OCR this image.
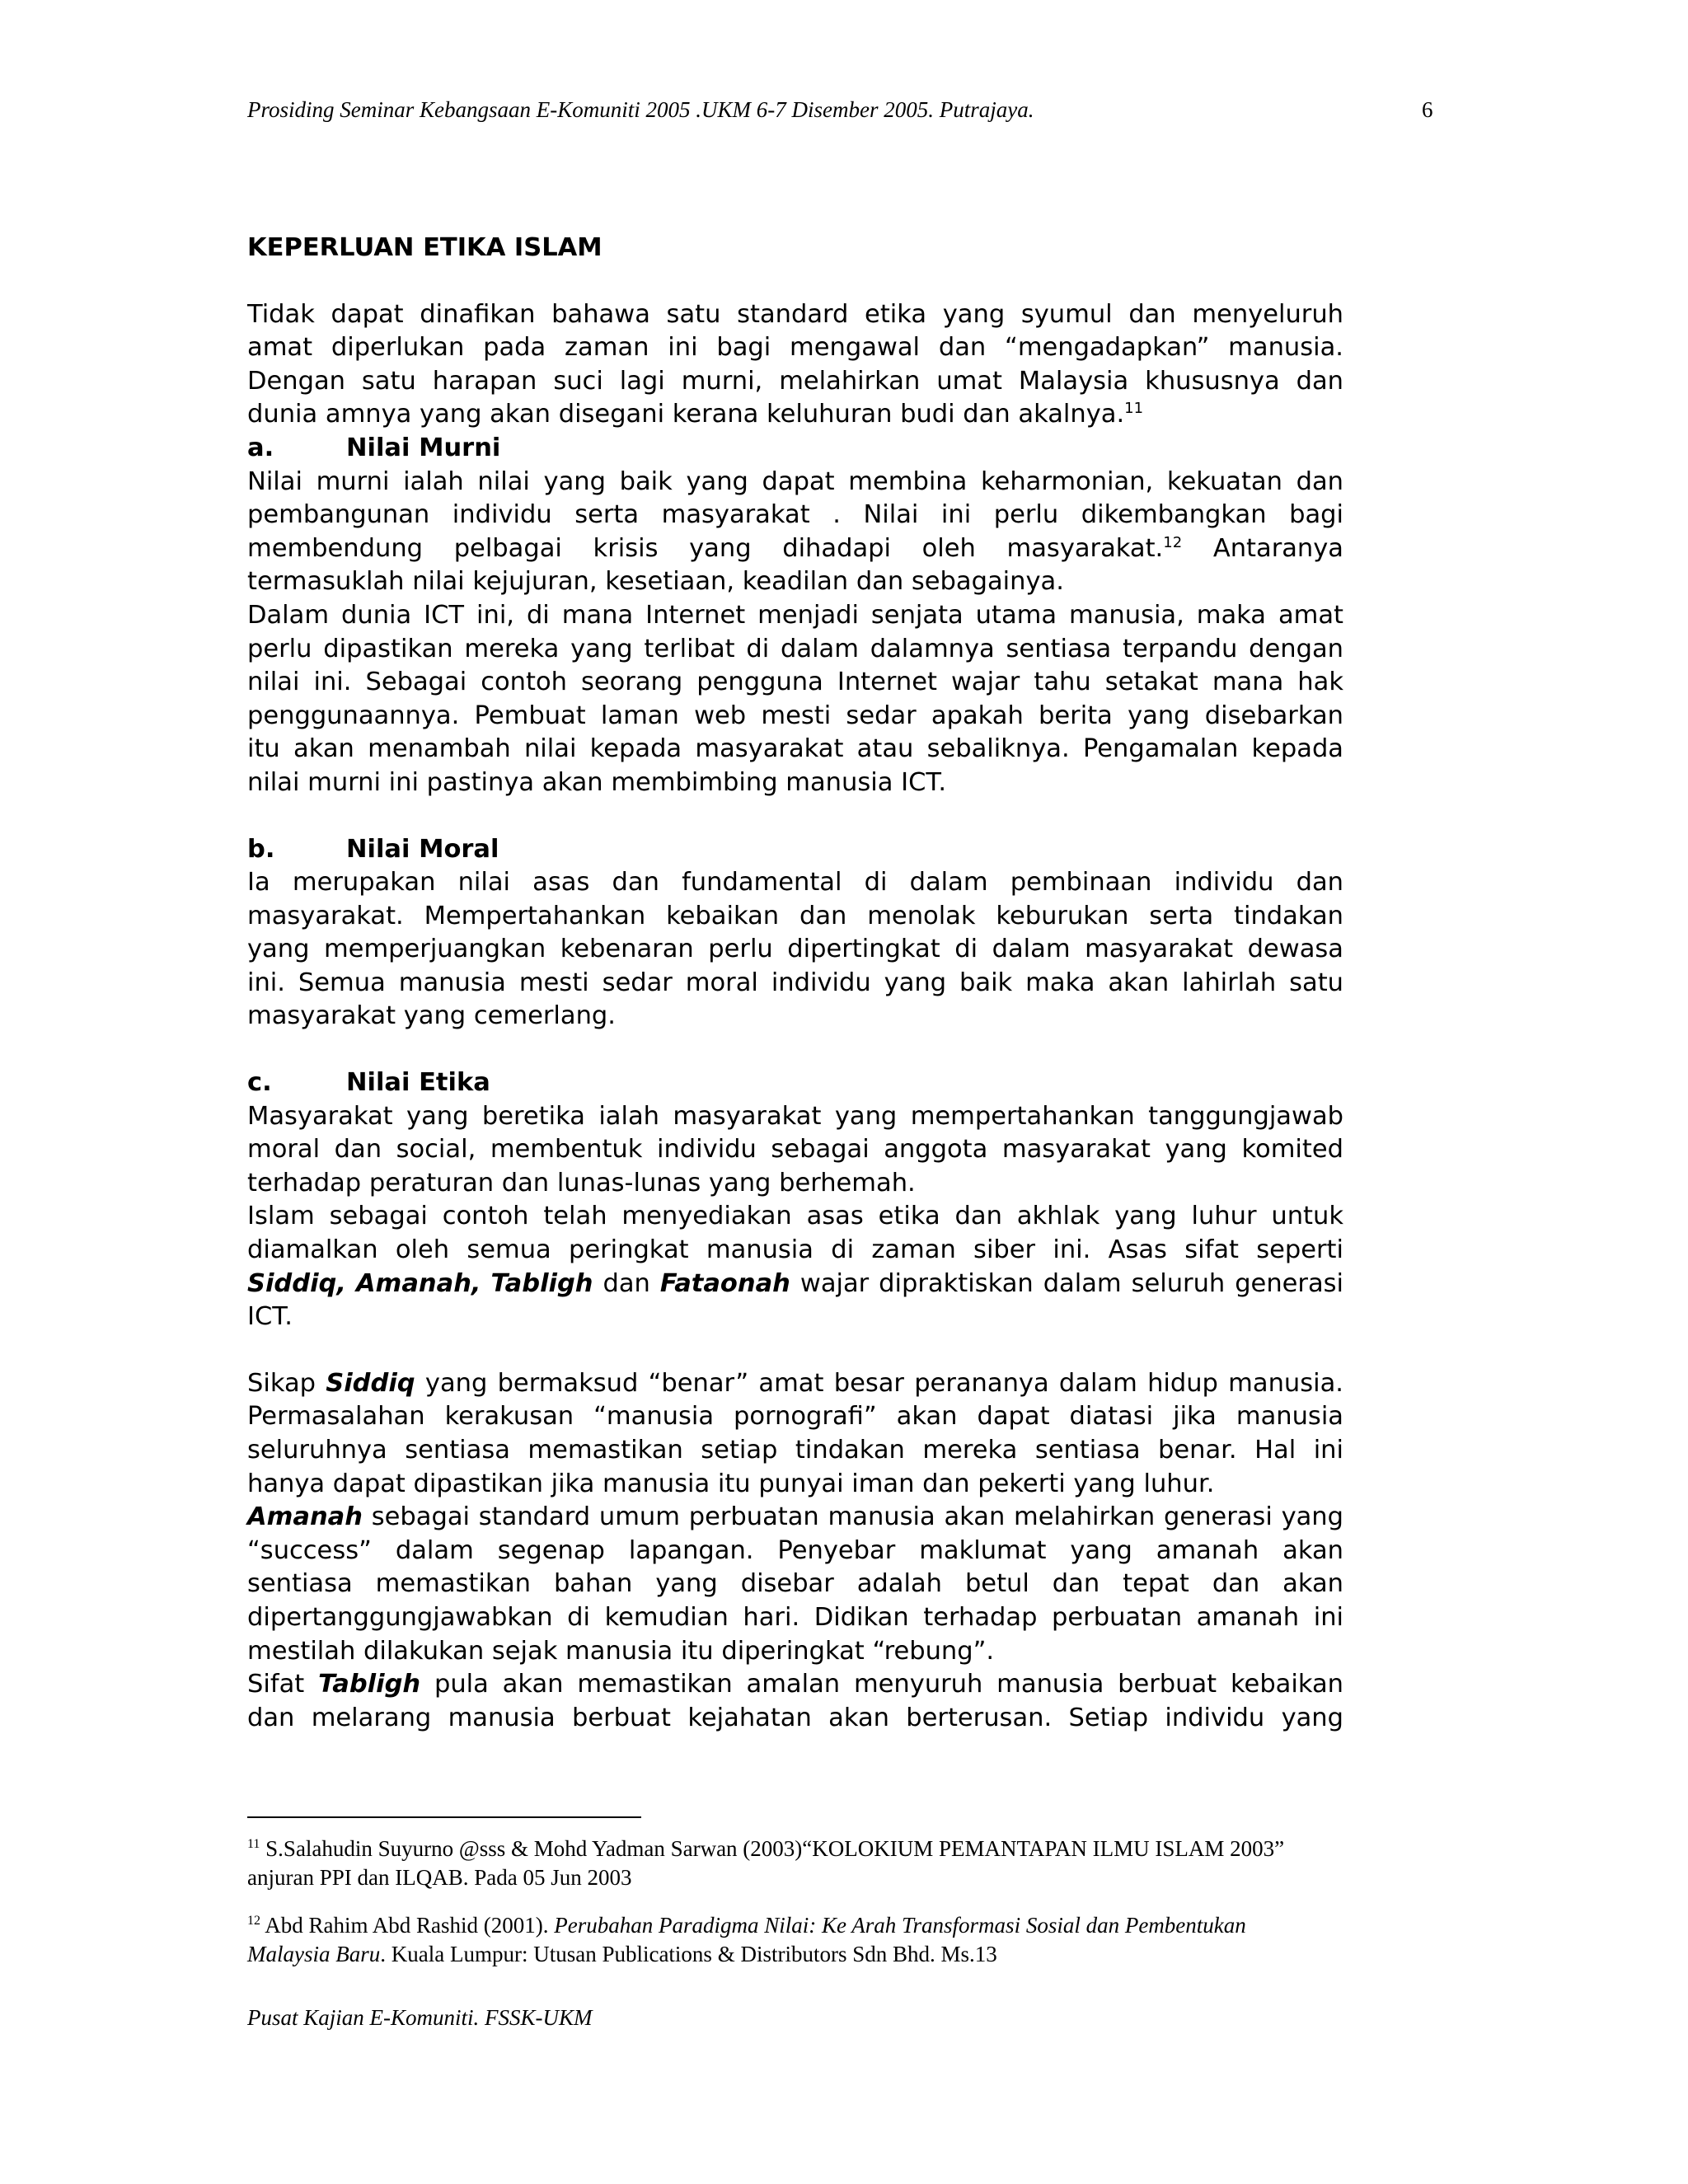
Prosiding Seminar Kebangsaan E-Komuniti 2005 .UKM 6-7 Disember 2005. Putrajaya.	6

KEPERLUAN ETIKA ISLAM

Tidak dapat dinafikan bahawa satu standard etika yang syumul dan menyeluruh
amat diperlukan pada zaman ini bagi mengawal dan “mengadapkan” manusia.
Dengan satu harapan suci lagi murni, melahirkan umat Malaysia khususnya dan
dunia amnya yang akan disegani kerana keluhuran budi dan akalnya.$^{11}$

a.	Nilai Murni

Nilai murni ialah nilai yang baik yang dapat membina keharmonian, kekuatan dan
pembangunan individu serta masyarakat . Nilai ini perlu dikembangkan bagi
membendung pelbagai krisis yang dihadapi oleh masyarakat.$^{12}$ Antaranya
termasuklah nilai kejujuran, kesetiaan, keadilan dan sebagainya.
Dalam dunia ICT ini, di mana Internet menjadi senjata utama manusia, maka amat
perlu dipastikan mereka yang terlibat di dalam dalamnya sentiasa terpandu dengan
nilai ini. Sebagai contoh seorang pengguna Internet wajar tahu setakat mana hak
penggunaannya. Pembuat laman web mesti sedar apakah berita yang disebarkan
itu akan menambah nilai kepada masyarakat atau sebaliknya. Pengamalan kepada
nilai murni ini pastinya akan membimbing manusia ICT.

b.	Nilai Moral

Ia merupakan nilai asas dan fundamental di dalam pembinaan individu dan
masyarakat. Mempertahankan kebaikan dan menolak keburukan serta tindakan
yang memperjuangkan kebenaran perlu dipertingkat di dalam masyarakat dewasa
ini. Semua manusia mesti sedar moral individu yang baik maka akan lahirlah satu
masyarakat yang cemerlang.

c.	Nilai Etika

Masyarakat yang beretika ialah masyarakat yang mempertahankan tanggungjawab
moral dan social, membentuk individu sebagai anggota masyarakat yang komited
terhadap peraturan dan lunas-lunas yang berhemah.
Islam sebagai contoh telah menyediakan asas etika dan akhlak yang luhur untuk
diamalkan oleh semua peringkat manusia di zaman siber ini. Asas sifat seperti
Siddiq, Amanah, Tabligh dan Fataonah wajar dipraktiskan dalam seluruh generasi
ICT.
Sikap Siddiq yang bermaksud “benar” amat besar perananya dalam hidup manusia.
Permasalahan kerakusan “manusia pornografi” akan dapat diatasi jika manusia
seluruhnya sentiasa memastikan setiap tindakan mereka sentiasa benar. Hal ini
hanya dapat dipastikan jika manusia itu punyai iman dan pekerti yang luhur.
Amanah sebagai standard umum perbuatan manusia akan melahirkan generasi yang
“success” dalam segenap lapangan. Penyebar maklumat yang amanah akan
sentiasa memastikan bahan yang disebar adalah betul dan tepat dan akan
dipertanggungjawabkan di kemudian hari. Didikan terhadap perbuatan amanah ini
mestilah dilakukan sejak manusia itu diperingkat “rebung”.
Sifat Tabligh pula akan memastikan amalan menyuruh manusia berbuat kebaikan
dan melarang manusia berbuat kejahatan akan berterusan. Setiap individu yang
$^{11}$ S.Salahudin Suyurno @sss & Mohd Yadman Sarwan (2003)“KOLOKIUM PEMANTAPAN ILMU ISLAM 2003”
anjuran PPI dan ILQAB. Pada 05 Jun 2003
$^{12}$ Abd Rahim Abd Rashid (2001). Perubahan Paradigma Nilai: Ke Arah Transformasi Sosial dan Pembentukan
Malaysia Baru. Kuala Lumpur: Utusan Publications & Distributors Sdn Bhd. Ms.13
Pusat Kajian E-Komuniti. FSSK-UKM
